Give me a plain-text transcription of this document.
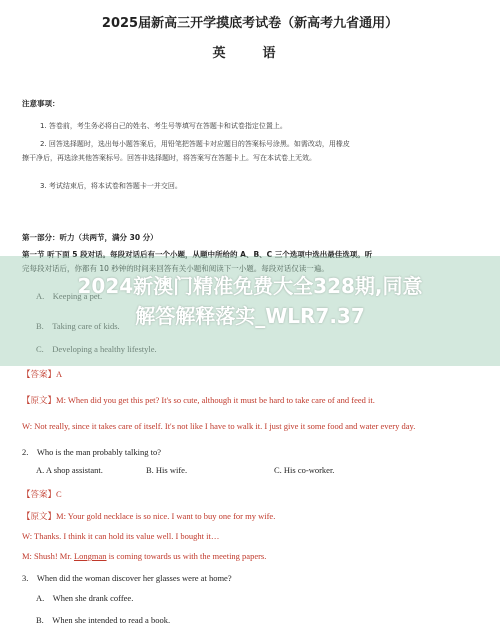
2025届新高三开学摸底考试卷（新高考九省通用）
英　语
注意事项：
1. 答卷前，考生务必将自己的姓名、考生号等填写在答题卡和试卷指定位置上。
2. 回答选择题时，选出每小题答案后，用铅笔把答题卡对应题目的答案标号涂黑。如需改动，用橡皮
擦干净后，再选涂其他答案标号。回答非选择题时，将答案写在答题卡上。写在本试卷上无效。
3. 考试结束后，将本试卷和答题卡一并交回。
第一部分：听力（共两节，满分 30 分）
第一节 听下面 5 段对话。每段对话后有一个小题，从题中所给的 A、B、C 三个选项中选出最佳选项。听
完每段对话后，你都有 10 秒钟的时间来回答有关小题和阅读下一小题。每段对话仅读一遍。
A.　Keeping a pet.
B.　Taking care of kids.
C.　Developing a healthy lifestyle.
【答案】A
【原文】M: When did you get this pet? It's so cute, although it must be hard to take care of and feed it.
W: Not really, since it takes care of itself. It's not like I have to walk it. I just give it some food and water every day.
2.　Who is the man probably talking to?
A. A shop assistant.	B. His wife.	C. His co-worker.
【答案】C
【原文】M: Your gold necklace is so nice. I want to buy one for my wife.
W: Thanks. I think it can hold its value well. I bought it…
M: Shush! Mr. Longman is coming towards us with the meeting papers.
3.　When did the woman discover her glasses were at home?
A.　When she drank coffee.
B.　When she intended to read a book.
2024新澳门精准免费大全328期,同意
解答解释落实_WLR7.37
